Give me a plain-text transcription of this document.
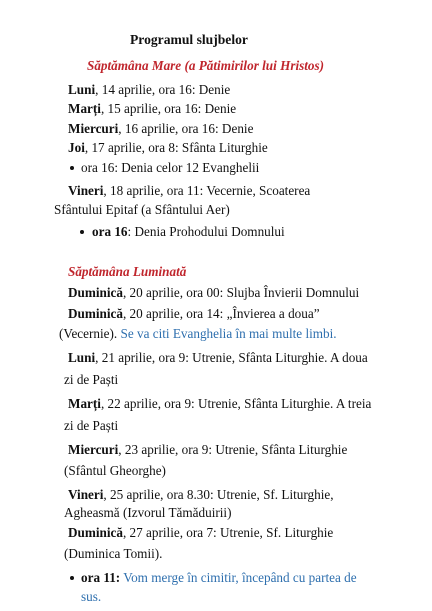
Programul slujbelor
Săptămâna Mare (a Pătimirilor lui Hristos)
Luni, 14 aprilie, ora 16: Denie
Marți, 15 aprilie, ora 16: Denie
Miercuri, 16 aprilie, ora 16: Denie
Joi, 17 aprilie, ora 8: Sfânta Liturghie
ora 16: Denia celor 12 Evanghelii
Vineri, 18 aprilie, ora 11: Vecernie, Scoaterea
Sfântului Epitaf (a Sfântului Aer)
ora 16: Denia Prohodului Domnului
Săptămâna Luminată
Duminică, 20 aprilie, ora 00: Slujba Învierii Domnului
Duminică, 20 aprilie, ora 14: „Învierea a doua”
(Vecernie). Se va citi Evanghelia în mai multe limbi.
Luni, 21 aprilie, ora 9: Utrenie, Sfânta Liturghie. A doua
zi de Paști
Marți, 22 aprilie, ora 9: Utrenie, Sfânta Liturghie. A treia
zi de Paști
Miercuri, 23 aprilie, ora 9: Utrenie, Sfânta Liturghie
(Sfântul Gheorghe)
Vineri, 25 aprilie, ora 8.30: Utrenie, Sf. Liturghie,
Agheasmă (Izvorul Tămăduirii)
Duminică, 27 aprilie, ora 7: Utrenie, Sf. Liturghie
(Duminica Tomii).
ora 11: Vom merge în cimitir, începând cu partea de
sus.
